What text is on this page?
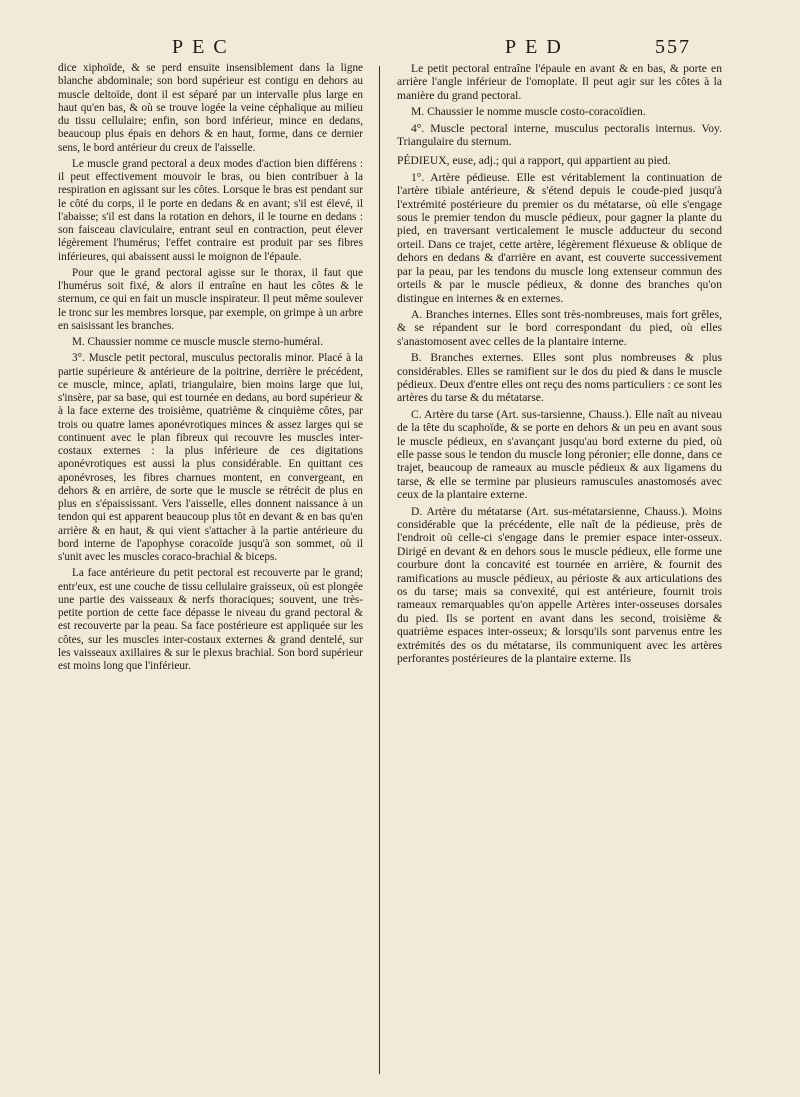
PEC	PED	557

dice xiphoïde, & se perd ensuite insensiblement dans la ligne blanche abdominale; son bord supérieur est contigu en dehors au muscle deltoïde, dont il est séparé par un intervalle plus large en haut qu'en bas, & où se trouve logée la veine céphalique au milieu du tissu cellulaire; enfin, son bord inférieur, mince en dedans, beaucoup plus épais en dehors & en haut, forme, dans ce dernier sens, le bord antérieur du creux de l'aisselle.

Le muscle grand pectoral a deux modes d'action bien différens : il peut effectivement mouvoir le bras, ou bien contribuer à la respiration en agissant sur les côtes. Lorsque le bras est pendant sur le côté du corps, il le porte en dedans & en avant; s'il est élevé, il l'abaisse; s'il est dans la rotation en dehors, il le tourne en dedans : son faisceau claviculaire, entrant seul en contraction, peut élever légèrement l'humérus; l'effet contraire est produit par ses fibres inférieures, qui abaissent aussi le moignon de l'épaule.

Pour que le grand pectoral agisse sur le thorax, il faut que l'humérus soit fixé, & alors il entraîne en haut les côtes & le sternum, ce qui en fait un muscle inspirateur. Il peut même soulever le tronc sur les membres lorsque, par exemple, on grimpe à un arbre en saisissant les branches.

M. Chaussier nomme ce muscle muscle sterno-huméral.

3°. Muscle petit pectoral, musculus pectoralis minor. Placé à la partie supérieure & antérieure de la poitrine, derrière le précédent, ce muscle, mince, aplati, triangulaire, bien moins large que lui, s'insère, par sa base, qui est tournée en dedans, au bord supérieur & à la face externe des troisième, quatrième & cinquième côtes, par trois ou quatre lames aponévrotiques minces & assez larges qui se continuent avec le plan fibreux qui recouvre les muscles inter-costaux externes : la plus inférieure de ces digitations aponévrotiques est aussi la plus considérable. En quittant ces aponévroses, les fibres charnues montent, en convergeant, en dehors & en arrière, de sorte que le muscle se rétrécit de plus en plus en s'épaississant. Vers l'aisselle, elles donnent naissance à un tendon qui est apparent beaucoup plus tôt en devant & en bas qu'en arrière & en haut, & qui vient s'attacher à la partie antérieure du bord interne de l'apophyse coracoïde jusqu'à son sommet, où il s'unit avec les muscles coraco-brachial & biceps.

La face antérieure du petit pectoral est recouverte par le grand; entr'eux, est une couche de tissu cellulaire graisseux, où est plongée une partie des vaisseaux & nerfs thoraciques; souvent, une très-petite portion de cette face dépasse le niveau du grand pectoral & est recouverte par la peau. Sa face postérieure est appliquée sur les côtes, sur les muscles inter-costaux externes & grand dentelé, sur les vaisseaux axillaires & sur le plexus brachial. Son bord supérieur est moins long que l'inférieur.

Le petit pectoral entraîne l'épaule en avant & en bas, & porte en arrière l'angle inférieur de l'omoplate. Il peut agir sur les côtes à la manière du grand pectoral.

M. Chaussier le nomme muscle costo-coracoïdien.

4°. Muscle pectoral interne, musculus pectoralis internus. Voy. Triangulaire du sternum.

PÉDIEUX, euse, adj.; qui a rapport, qui appartient au pied.

1°. Artère pédieuse. Elle est véritablement la continuation de l'artère tibiale antérieure, & s'étend depuis le coude-pied jusqu'à l'extrémité postérieure du premier os du métatarse, où elle s'engage sous le premier tendon du muscle pédieux, pour gagner la plante du pied, en traversant verticalement le muscle adducteur du second orteil. Dans ce trajet, cette artère, légèrement fléxueuse & oblique de dehors en dedans & d'arrière en avant, est couverte successivement par la peau, par les tendons du muscle long extenseur commun des orteils & par le muscle pédieux, & donne des branches qu'on distingue en internes & en externes.

A. Branches internes. Elles sont très-nombreuses, mais fort grêles, & se répandent sur le bord correspondant du pied, où elles s'anastomosent avec celles de la plantaire interne.

B. Branches externes. Elles sont plus nombreuses & plus considérables. Elles se ramifient sur le dos du pied & dans le muscle pédieux. Deux d'entre elles ont reçu des noms particuliers : ce sont les artères du tarse & du métatarse.

C. Artère du tarse (Art. sus-tarsienne, Chauss.). Elle naît au niveau de la tête du scaphoïde, & se porte en dehors & un peu en avant sous le muscle pédieux, en s'avançant jusqu'au bord externe du pied, où elle passe sous le tendon du muscle long péronier; elle donne, dans ce trajet, beaucoup de rameaux au muscle pédieux & aux ligamens du tarse, & elle se termine par plusieurs ramuscules anastomosés avec ceux de la plantaire externe.

D. Artère du métatarse (Art. sus-métatarsienne, Chauss.). Moins considérable que la précédente, elle naît de la pédieuse, près de l'endroit où celle-ci s'engage dans le premier espace inter-osseux. Dirigé en devant & en dehors sous le muscle pédieux, elle forme une courbure dont la concavité est tournée en arrière, & fournit des ramifications au muscle pédieux, au périoste & aux articulations des os du tarse; mais sa convexité, qui est antérieure, fournit trois rameaux remarquables qu'on appelle Artères inter-osseuses dorsales du pied. Ils se portent en avant dans les second, troisième & quatrième espaces inter-osseux; & lorsqu'ils sont parvenus entre les extrémités des os du métatarse, ils communiquent avec les artères perforantes postérieures de la plantaire externe. Ils
